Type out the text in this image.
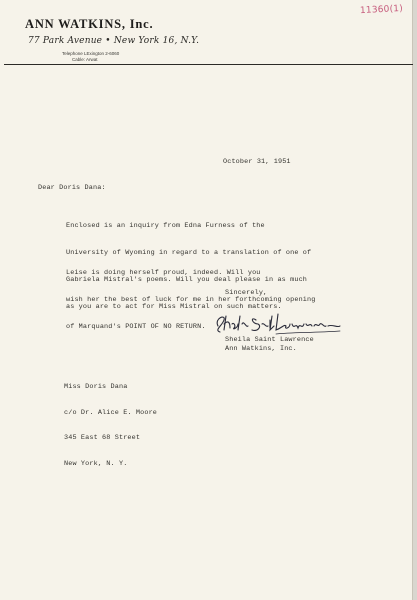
11360(1)
ANN WATKINS, Inc.
77 Park Avenue • New York 16, N.Y.
Telephone LExington 2-6060
Cable: Arwat
October 31, 1951
Dear Doris Dana:

Enclosed is an inquiry from Edna Furness of the

University of Wyoming in regard to a translation of one of

Gabriela Mistral's poems. Will you deal please in as much

as you are to act for Miss Mistral on such matters.

Leise is doing herself proud, indeed. Will you

wish her the best of luck for me in her forthcoming opening

of Marquand's POINT OF NO RETURN.

Sincerely,
Sheila Saint Lawrence
Ann Watkins, Inc.

Miss Doris Dana

c/o Dr. Alice E. Moore

345 East 68 Street

New York, N. Y.
